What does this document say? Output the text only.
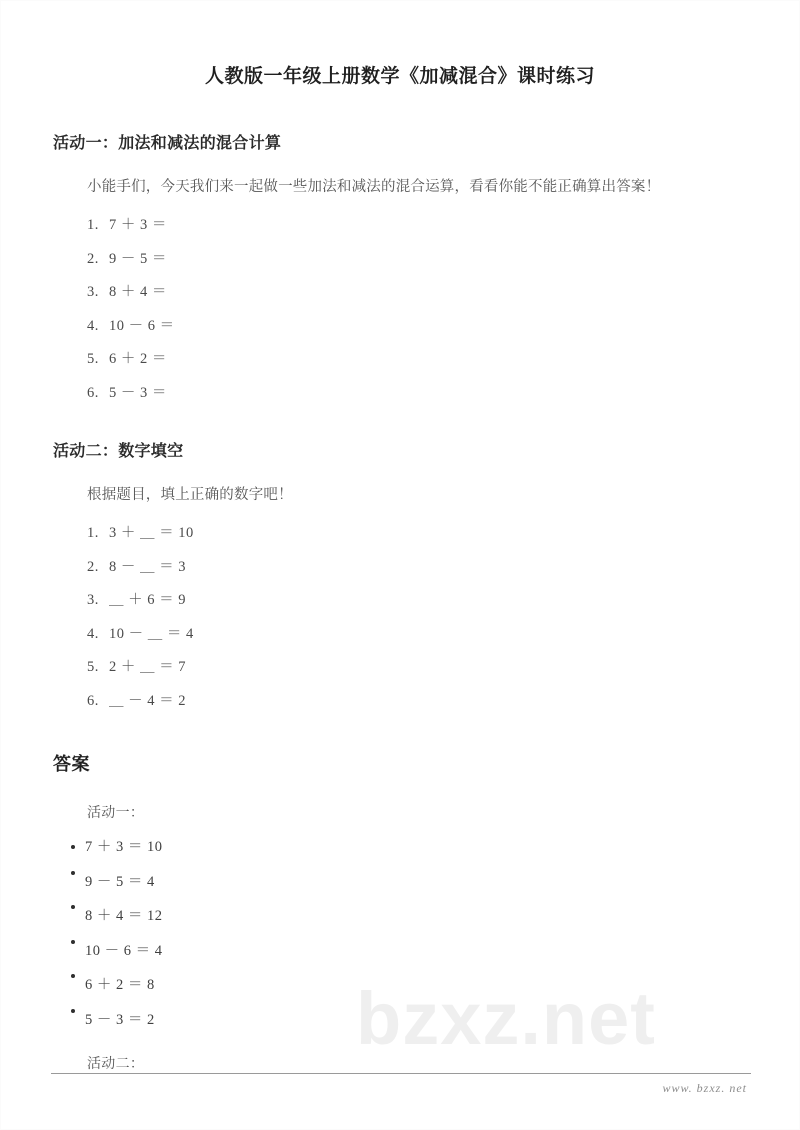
bzxz.net
人教版一年级上册数学《加减混合》课时练习
活动一：加法和减法的混合计算

小能手们，今天我们来一起做一些加法和减法的混合运算，看看你能不能正确算出答案！

1. 7 ＋ 3 ＝
2. 9 － 5 ＝
3. 8 ＋ 4 ＝
4. 10 － 6 ＝
5. 6 ＋ 2 ＝
6. 5 － 3 ＝
活动二：数字填空

根据题目，填上正确的数字吧！

1. 3 ＋ ＿ ＝ 10
2. 8 － ＿ ＝ 3
3. ＿ ＋ 6 ＝ 9
4. 10 － ＿ ＝ 4
5. 2 ＋ ＿ ＝ 7
6. ＿ － 4 ＝ 2
答案

活动一：

7 ＋ 3 ＝ 10
9 － 5 ＝ 4
8 ＋ 4 ＝ 12
10 － 6 ＝ 4
6 ＋ 2 ＝ 8
5 － 3 ＝ 2

活动二：

www. bzxz. net
